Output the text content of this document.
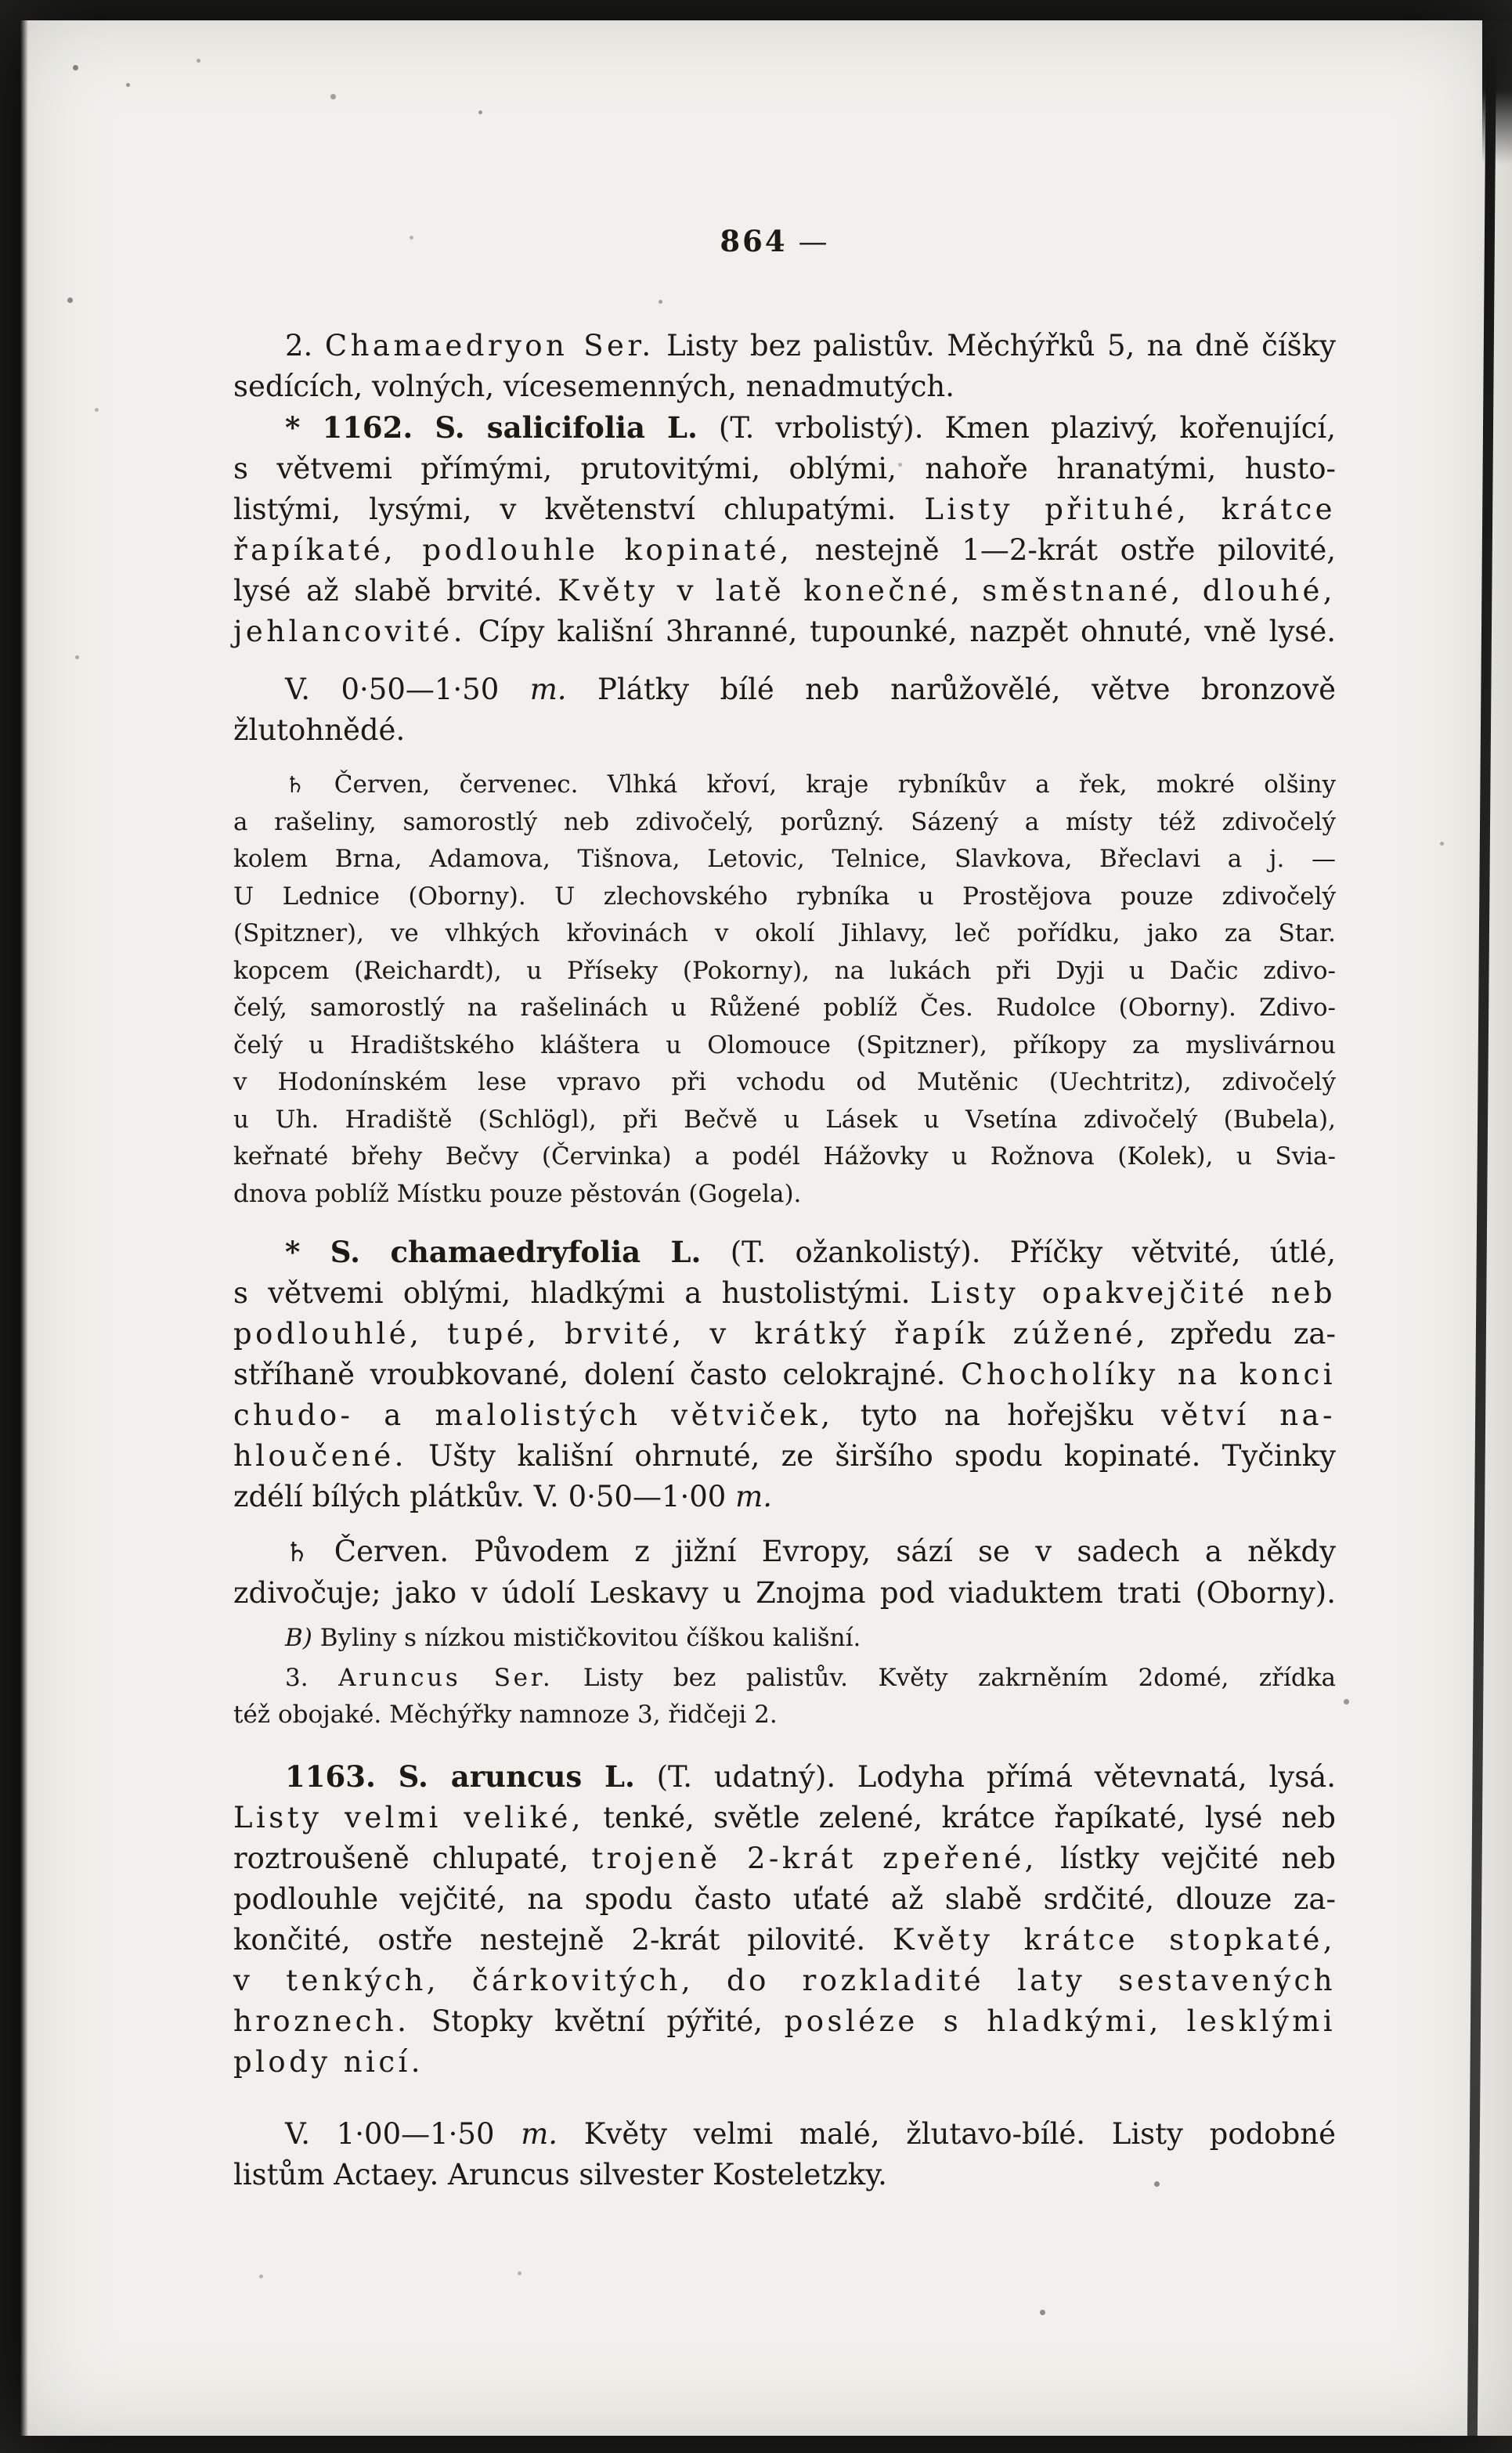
864 —
2. Chamaedryon Ser. Listy bez palistův. Měchýřků 5, na dně číšky
sedících, volných, vícesemenných, nenadmutých.
* 1162. S. salicifolia L. (T. vrbolistý). Kmen plazivý, kořenující,
s větvemi přímými, prutovitými, oblými, nahoře hranatými, husto-
listými, lysými, v květenství chlupatými. Listy přituhé, krátce
řapíkaté, podlouhle kopinaté, nestejně 1—2-krát ostře pilovité,
lysé až slabě brvité. Květy v latě konečné, směstnané, dlouhé,
jehlancovité. Cípy kališní 3hranné, tupounké, nazpět ohnuté, vně lysé.
V. 0·50—1·50 m. Plátky bílé neb narůžovělé, větve bronzově
žlutohnědé.
♄ Červen, červenec. Vlhká křoví, kraje rybníkův a řek, mokré olšiny
a rašeliny, samorostlý neb zdivočelý, porůzný. Sázený a místy též zdivočelý
kolem Brna, Adamova, Tišnova, Letovic, Telnice, Slavkova, Břeclavi a j. —
U Lednice (Oborny). U zlechovského rybníka u Prostějova pouze zdivočelý
(Spitzner), ve vlhkých křovinách v okolí Jihlavy, leč pořídku, jako za Star.
kopcem (Reichardt), u Příseky (Pokorny), na lukách při Dyji u Dačic zdivo-
čelý, samorostlý na rašelinách u Růžené poblíž Čes. Rudolce (Oborny). Zdivo-
čelý u Hradištského kláštera u Olomouce (Spitzner), příkopy za myslivárnou
v Hodonínském lese vpravo při vchodu od Mutěnic (Uechtritz), zdivočelý
u Uh. Hradiště (Schlögl), při Bečvě u Lásek u Vsetína zdivočelý (Bubela),
keřnaté břehy Bečvy (Červinka) a podél Hážovky u Rožnova (Kolek), u Svia-
dnova poblíž Místku pouze pěstován (Gogela).
* S. chamaedryfolia L. (T. ožankolistý). Příčky větvité, útlé,
s větvemi oblými, hladkými a hustolistými. Listy opakvejčité neb
podlouhlé, tupé, brvité, v krátký řapík zúžené, zpředu za-
stříhaně vroubkované, dolení často celokrajné. Chocholíky na konci
chudo- a malolistých větviček, tyto na hořejšku větví na-
hloučené. Ušty kališní ohrnuté, ze širšího spodu kopinaté. Tyčinky
zdélí bílých plátkův. V. 0·50—1·00 m.
♄ Červen. Původem z jižní Evropy, sází se v sadech a někdy
zdivočuje; jako v údolí Leskavy u Znojma pod viaduktem trati (Oborny).
B) Byliny s nízkou mističkovitou číškou kališní.
3. Aruncus Ser. Listy bez palistův. Květy zakrněním 2domé, zřídka
též obojaké. Měchýřky namnoze 3, řidčeji 2.
1163. S. aruncus L. (T. udatný). Lodyha přímá větevnatá, lysá.
Listy velmi veliké, tenké, světle zelené, krátce řapíkaté, lysé neb
roztroušeně chlupaté, trojeně 2-krát zpeřené, lístky vejčité neb
podlouhle vejčité, na spodu často uťaté až slabě srdčité, dlouze za-
končité, ostře nestejně 2-krát pilovité. Květy krátce stopkaté,
v tenkých, čárkovitých, do rozkladité laty sestavených
hroznech. Stopky květní pýřité, posléze s hladkými, lesklými
plody nicí.
V. 1·00—1·50 m. Květy velmi malé, žlutavo-bílé. Listy podobné
listům Actaey. Aruncus silvester Kosteletzky.
